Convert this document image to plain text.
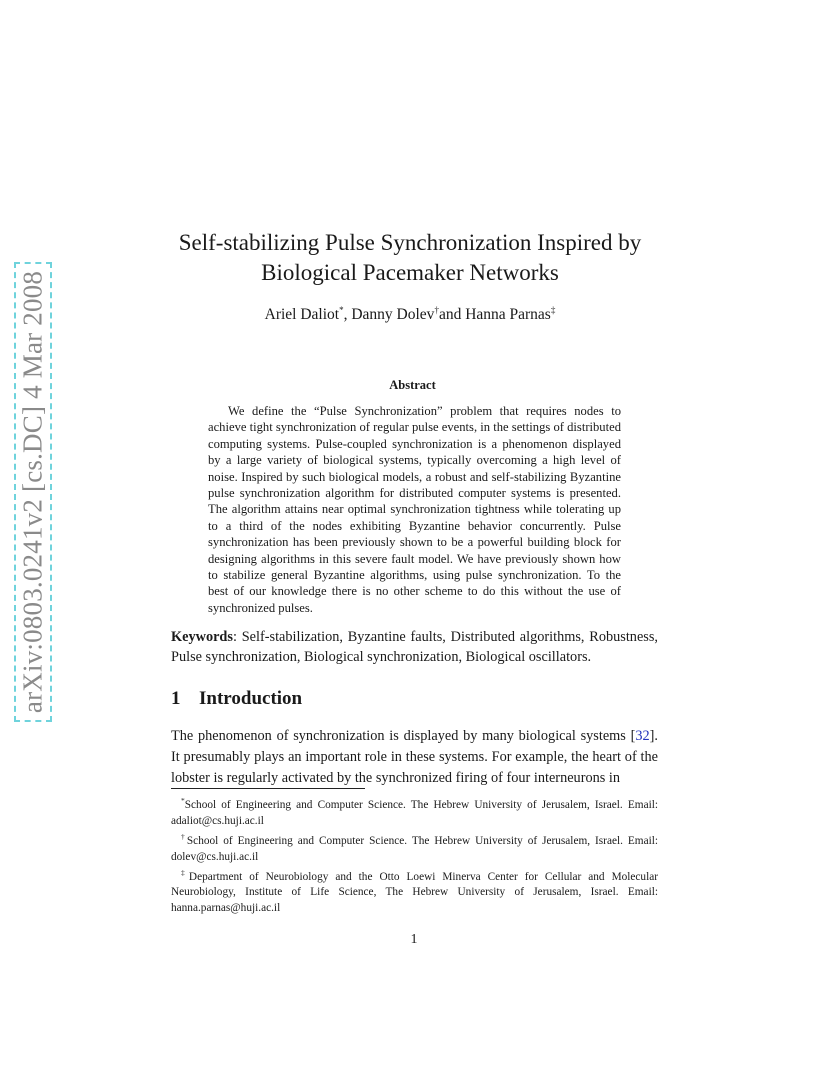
arXiv:0803.0241v2 [cs.DC] 4 Mar 2008
Self-stabilizing Pulse Synchronization Inspired by
Biological Pacemaker Networks
Ariel Daliot*, Danny Dolev†and Hanna Parnas‡
Abstract

We define the “Pulse Synchronization” problem that requires nodes to achieve tight synchronization of regular pulse events, in the settings of distributed computing systems. Pulse-coupled synchronization is a phenomenon displayed by a large variety of biological systems, typically overcoming a high level of noise. Inspired by such biological models, a robust and self-stabilizing Byzantine pulse synchronization algorithm for distributed computer systems is presented. The algorithm attains near optimal synchronization tightness while tolerating up to a third of the nodes exhibiting Byzantine behavior concurrently. Pulse synchronization has been previously shown to be a powerful building block for designing algorithms in this severe fault model. We have previously shown how to stabilize general Byzantine algorithms, using pulse synchronization. To the best of our knowledge there is no other scheme to do this without the use of synchronized pulses.

Keywords: Self-stabilization, Byzantine faults, Distributed algorithms, Robustness, Pulse synchronization, Biological synchronization, Biological oscillators.

1 Introduction

The phenomenon of synchronization is displayed by many biological systems [32]. It presumably plays an important role in these systems. For example, the heart of the lobster is regularly activated by the synchronized firing of four interneurons in

*School of Engineering and Computer Science. The Hebrew University of Jerusalem, Israel. Email: adaliot@cs.huji.ac.il

†School of Engineering and Computer Science. The Hebrew University of Jerusalem, Israel. Email: dolev@cs.huji.ac.il

‡Department of Neurobiology and the Otto Loewi Minerva Center for Cellular and Molecular Neurobiology, Institute of Life Science, The Hebrew University of Jerusalem, Israel. Email: hanna.parnas@huji.ac.il

1
